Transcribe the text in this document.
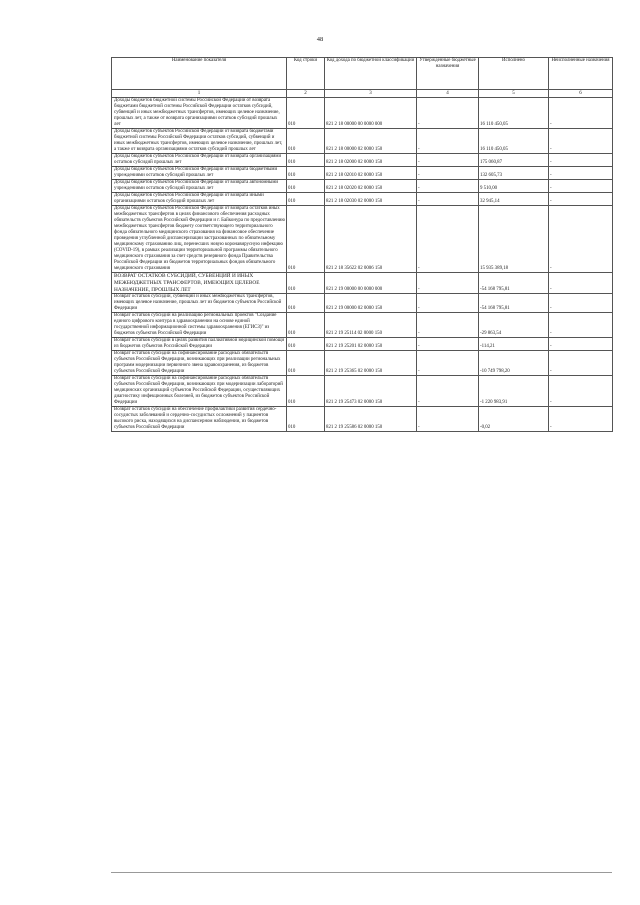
48
Наименование показателя	Код строки	Код дохода по бюджетной классификации	Утвержденные бюджетные назначения	Исполнено	Неисполненные назначения
1	2	3	4	5	6
Доходы бюджетов бюджетной системы Российской Федерации от возврата бюджетами бюджетной системы Российской Федерации остатков субсидий, субвенций и иных межбюджетных трансфертов, имеющих целевое назначение, прошлых лет, а также от возврата организациями остатков субсидий прошлых лет	010	821 2 18 00000 00 0000 000	-	16 110 450,05	-
Доходы бюджетов субъектов Российской Федерации от возврата бюджетами бюджетной системы Российской Федерации остатков субсидий, субвенций и иных межбюджетных трансфертов, имеющих целевое назначение, прошлых лет, а также от возврата организациями остатков субсидий прошлых лет	010	821 2 18 00000 02 0000 150	-	16 110 450,05	-
Доходы бюджетов субъектов Российской Федерации от возврата организациями остатков субсидий прошлых лет	010	821 2 18 02000 02 0000 150	-	175 060,87	-
Доходы бюджетов субъектов Российской Федерации от возврата бюджетными учреждениями остатков субсидий прошлых лет	010	821 2 18 02010 02 0000 150	-	132 605,73	-
Доходы бюджетов субъектов Российской Федерации от возврата автономными учреждениями остатков субсидий прошлых лет	010	821 2 18 02020 02 0000 150	-	9 510,00	-
Доходы бюджетов субъектов Российской Федерации от возврата иными организациями остатков субсидий прошлых лет	010	821 2 18 02030 02 0000 150	-	32 945,14	-
Доходы бюджетов субъектов Российской Федерации от возврата остатков иных межбюджетных трансфертов в целях финансового обеспечения расходных обязательств субъектов Российской Федерации и г. Байконура по предоставлению межбюджетных трансфертов бюджету соответствующего территориального фонда обязательного медицинского страхования на финансовое обеспечение проведения углубленной диспансеризации застрахованных по обязательному медицинскому страхованию лиц, перенесших новую коронавирусную инфекцию (COVID-19), в рамках реализации территориальной программы обязательного медицинского страхования за счет средств резервного фонда Правительства Российской Федерации из бюджетов территориальных фондов обязательного медицинского страхования	010	821 2 18 35622 02 0006 150	-	15 935 389,18	-
ВОЗВРАТ ОСТАТКОВ СУБСИДИЙ, СУБВЕНЦИЙ И ИНЫХ МЕЖБЮДЖЕТНЫХ ТРАНСФЕРТОВ, ИМЕЮЩИХ ЦЕЛЕВОЕ НАЗНАЧЕНИЕ, ПРОШЛЫХ ЛЕТ	010	821 2 19 00000 00 0000 000	-	-54 168 795,81	-
Возврат остатков субсидий, субвенций и иных межбюджетных трансфертов, имеющих целевое назначение, прошлых лет из бюджетов субъектов Российской Федерации	010	821 2 19 00000 02 0000 150	-	-54 168 795,81	-
Возврат остатков субсидий на реализацию региональных проектов "Создание единого цифрового контура в здравоохранении на основе единой государственной информационной системы здравоохранения (ЕГИСЗ)" из бюджетов субъектов Российской Федерации	010	821 2 19 25114 02 0000 150	-	-29 863,54	-
Возврат остатков субсидий в целях развития паллиативной медицинской помощи из бюджетов субъектов Российской Федерации	010	821 2 19 25201 02 0000 150	-	-114,21	-
Возврат остатков субсидий на софинансирование расходных обязательств субъектов Российской Федерации, возникающих при реализации региональных программ модернизации первичного звена здравоохранения, из бюджетов субъектов Российской Федерации	010	821 2 19 25365 02 0000 150	-	-10 749 798,20	-
Возврат остатков субсидий на софинансирование расходных обязательств субъектов Российской Федерации, возникающих при модернизации лабораторий медицинских организаций субъектов Российской Федерации, осуществляющих диагностику инфекционных болезней, из бюджетов субъектов Российской Федерации	010	821 2 19 25473 02 0000 150	-	-1 220 983,91	-
Возврат остатков субсидий на обеспечение профилактики развития сердечно-сосудистых заболеваний и сердечно-сосудистых осложнений у пациентов высокого риска, находящихся на диспансерном наблюдении, из бюджетов субъектов Российской Федерации	010	821 2 19 25586 02 0000 150	-	-0,02	-
